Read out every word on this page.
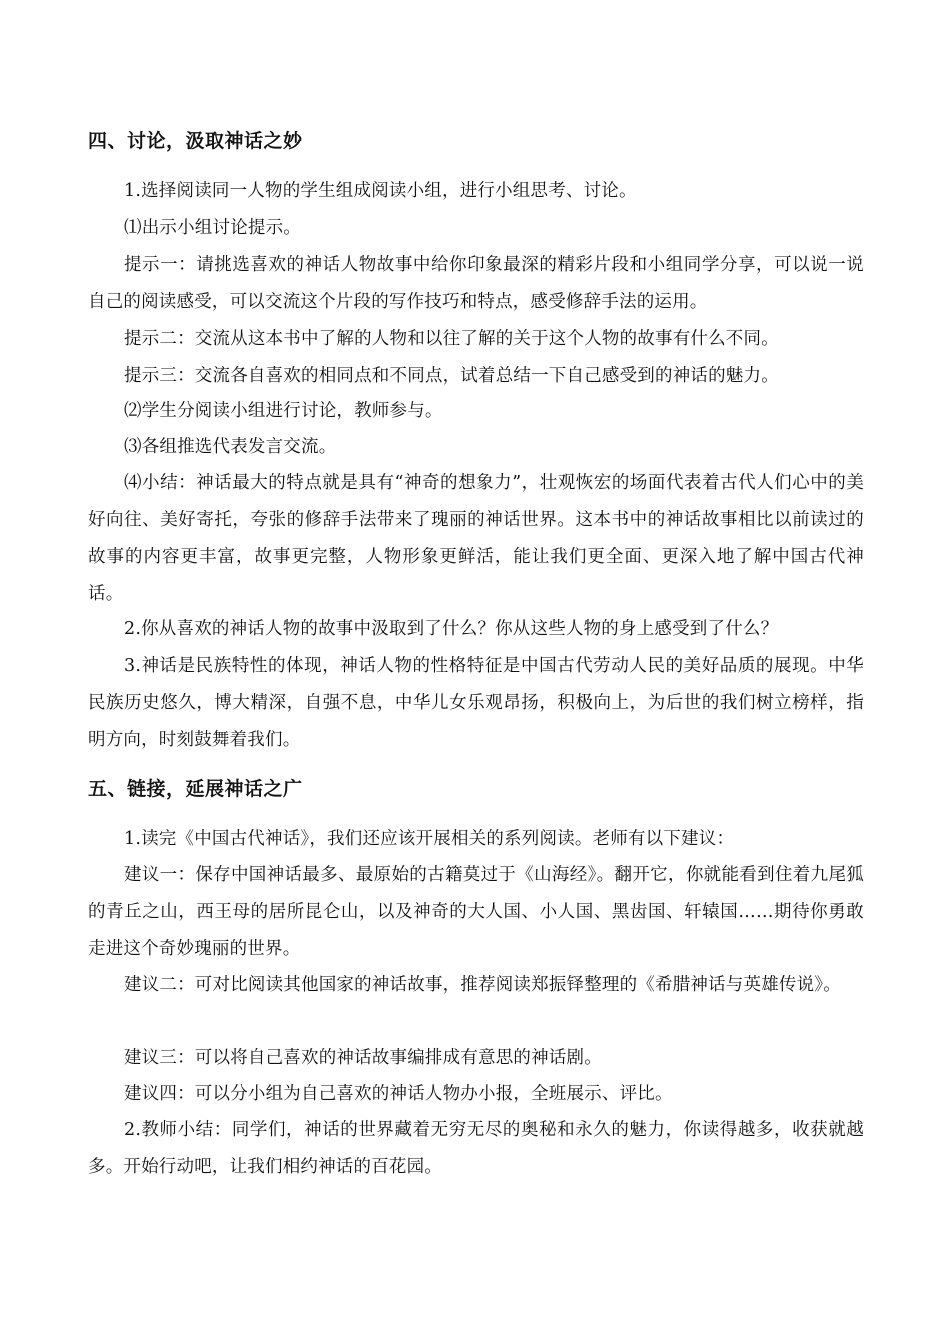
四、讨论，汲取神话之妙

1.选择阅读同一人物的学生组成阅读小组，进行小组思考、讨论。

⑴出示小组讨论提示。

提示一：请挑选喜欢的神话人物故事中给你印象最深的精彩片段和小组同学分享，可以说一说自己的阅读感受，可以交流这个片段的写作技巧和特点，感受修辞手法的运用。

提示二：交流从这本书中了解的人物和以往了解的关于这个人物的故事有什么不同。

提示三：交流各自喜欢的相同点和不同点，试着总结一下自己感受到的神话的魅力。

⑵学生分阅读小组进行讨论，教师参与。

⑶各组推选代表发言交流。

⑷小结：神话最大的特点就是具有“神奇的想象力”，壮观恢宏的场面代表着古代人们心中的美好向往、美好寄托，夸张的修辞手法带来了瑰丽的神话世界。这本书中的神话故事相比以前读过的故事的内容更丰富，故事更完整，人物形象更鲜活，能让我们更全面、更深入地了解中国古代神话。

2.你从喜欢的神话人物的故事中汲取到了什么？你从这些人物的身上感受到了什么？

3.神话是民族特性的体现，神话人物的性格特征是中国古代劳动人民的美好品质的展现。中华民族历史悠久，博大精深，自强不息，中华儿女乐观昂扬，积极向上，为后世的我们树立榜样，指明方向，时刻鼓舞着我们。

五、链接，延展神话之广

1.读完《中国古代神话》，我们还应该开展相关的系列阅读。老师有以下建议：

建议一：保存中国神话最多、最原始的古籍莫过于《山海经》。翻开它，你就能看到住着九尾狐的青丘之山，西王母的居所昆仑山，以及神奇的大人国、小人国、黑齿国、轩辕国……期待你勇敢走进这个奇妙瑰丽的世界。

建议二：可对比阅读其他国家的神话故事，推荐阅读郑振铎整理的《希腊神话与英雄传说》。

建议三：可以将自己喜欢的神话故事编排成有意思的神话剧。

建议四：可以分小组为自己喜欢的神话人物办小报，全班展示、评比。

2.教师小结：同学们，神话的世界藏着无穷无尽的奥秘和永久的魅力，你读得越多，收获就越多。开始行动吧，让我们相约神话的百花园。
